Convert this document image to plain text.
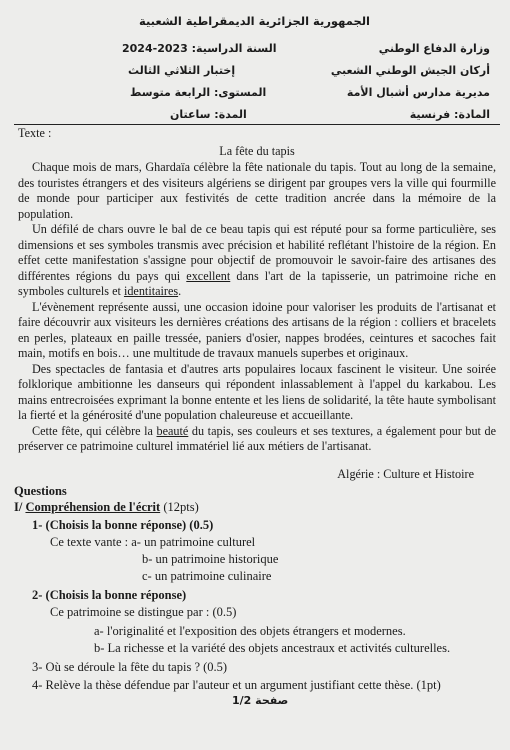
الجمهورية الجزائرية الديمقراطية الشعبية
وزارة الدفاع الوطني
أركان الجيش الوطني الشعبي
مديرية مدارس أشبال الأمة
السنة الدراسية: 2023-2024
إختبار الثلاثي الثالث
المستوى: الرابعة متوسط
المدة: ساعتان	المادة: فرنسية
Texte :
La fête du tapis

Chaque mois de mars, Ghardaïa célèbre la fête nationale du tapis. Tout au long de la semaine, des touristes étrangers et des visiteurs algériens se dirigent par groupes vers la ville qui fourmille de monde pour participer aux festivités de cette tradition ancrée dans la mémoire de la population.

Un défilé de chars ouvre le bal de ce beau tapis qui est réputé pour sa forme particulière, ses dimensions et ses symboles transmis avec précision et habilité reflétant l'histoire de la région. En effet cette manifestation s'assigne pour objectif de promouvoir le savoir-faire des artisanes des différentes régions du pays qui excellent dans l'art de la tapisserie, un patrimoine riche en symboles culturels et identitaires.

L'évènement représente aussi, une occasion idoine pour valoriser les produits de l'artisanat et faire découvrir aux visiteurs les dernières créations des artisans de la région : colliers et bracelets en perles, plateaux en paille tressée, paniers d'osier, nappes brodées, ceintures et sacoches fait main, motifs en bois… une multitude de travaux manuels superbes et originaux.

Des spectacles de fantasia et d'autres arts populaires locaux fascinent le visiteur. Une soirée folklorique ambitionne les danseurs qui répondent inlassablement à l'appel du karkabou. Les mains entrecroisées exprimant la bonne entente et les liens de solidarité, la tête haute symbolisant la fierté et la générosité d'une population chaleureuse et accueillante.

Cette fête, qui célèbre la beauté du tapis, ses couleurs et ses textures, a également pour but de préserver ce patrimoine culturel immatériel lié aux métiers de l'artisanat.

Algérie : Culture et Histoire
Questions
I/ Compréhension de l'écrit (12pts)
1- (Choisis la bonne réponse) (0.5)
Ce texte vante : a- un patrimoine culturel
b- un patrimoine historique
c- un patrimoine culinaire
2- (Choisis la bonne réponse)
Ce patrimoine se distingue par : (0.5)
a- l'originalité et l'exposition des objets étrangers et modernes.
b- La richesse et la variété des objets ancestraux et activités culturelles.
3- Où se déroule la fête du tapis ? (0.5)
4- Relève la thèse défendue par l'auteur et un argument justifiant cette thèse. (1pt)
صفحة 1/2
